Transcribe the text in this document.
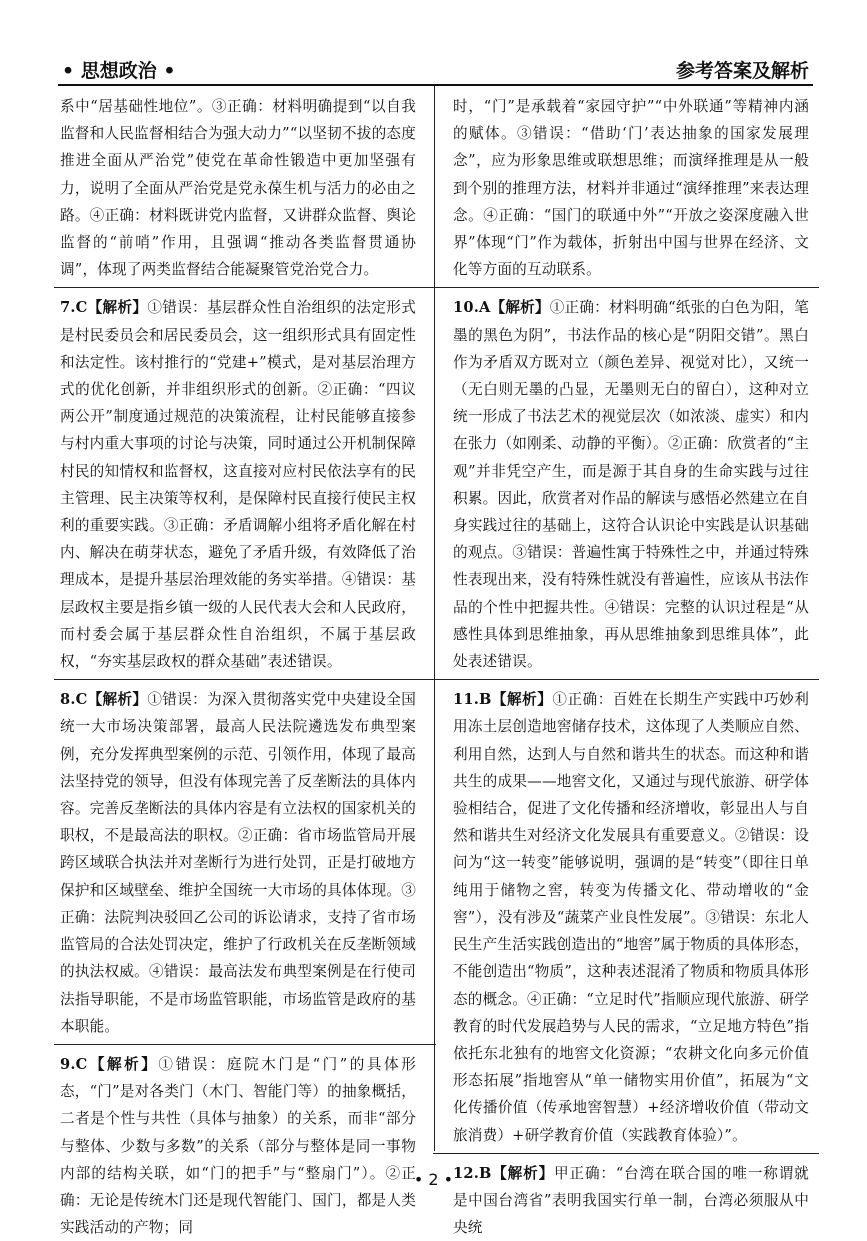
• 思想政治 •	参考答案及解析
系中“居基础性地位”。③正确：材料明确提到“以自我监督和人民监督相结合为强大动力”“以坚韧不拔的态度推进全面从严治党”使党在革命性锻造中更加坚强有力，说明了全面从严治党是党永葆生机与活力的必由之路。④正确：材料既讲党内监督，又讲群众监督、舆论监督的“前哨”作用，且强调“推动各类监督贯通协调”，体现了两类监督结合能凝聚管党治党合力。
7.C【解析】①错误：基层群众性自治组织的法定形式是村民委员会和居民委员会，这一组织形式具有固定性和法定性。该村推行的“党建+”模式，是对基层治理方式的优化创新，并非组织形式的创新。②正确：“四议两公开”制度通过规范的决策流程，让村民能够直接参与村内重大事项的讨论与决策，同时通过公开机制保障村民的知情权和监督权，这直接对应村民依法享有的民主管理、民主决策等权利，是保障村民直接行使民主权利的重要实践。③正确：矛盾调解小组将矛盾化解在村内、解决在萌芽状态，避免了矛盾升级，有效降低了治理成本，是提升基层治理效能的务实举措。④错误：基层政权主要是指乡镇一级的人民代表大会和人民政府，而村委会属于基层群众性自治组织，不属于基层政权，“夯实基层政权的群众基础”表述错误。
8.C【解析】①错误：为深入贯彻落实党中央建设全国统一大市场决策部署，最高人民法院遴选发布典型案例，充分发挥典型案例的示范、引领作用，体现了最高法坚持党的领导，但没有体现完善了反垄断法的具体内容。完善反垄断法的具体内容是有立法权的国家机关的职权，不是最高法的职权。②正确：省市场监管局开展跨区域联合执法并对垄断行为进行处罚，正是打破地方保护和区域壁垒、维护全国统一大市场的具体体现。③正确：法院判决驳回乙公司的诉讼请求，支持了省市场监管局的合法处罚决定，维护了行政机关在反垄断领域的执法权威。④错误：最高法发布典型案例是在行使司法指导职能，不是市场监管职能，市场监管是政府的基本职能。
9.C【解析】①错误：庭院木门是“门”的具体形态，“门”是对各类门（木门、智能门等）的抽象概括，二者是个性与共性（具体与抽象）的关系，而非“部分与整体、少数与多数”的关系（部分与整体是同一事物内部的结构关联，如“门的把手”与“整扇门”）。②正确：无论是传统木门还是现代智能门、国门，都是人类实践活动的产物；同
时，“门”是承载着“家园守护”“中外联通”等精神内涵的赋体。③错误：“借助‘门’表达抽象的国家发展理念”，应为形象思维或联想思维；而演绎推理是从一般到个别的推理方法，材料并非通过“演绎推理”来表达理念。④正确：“国门的联通中外”“开放之姿深度融入世界”体现“门”作为载体，折射出中国与世界在经济、文化等方面的互动联系。
10.A【解析】①正确：材料明确“纸张的白色为阳，笔墨的黑色为阴”，书法作品的核心是“阴阳交错”。黑白作为矛盾双方既对立（颜色差异、视觉对比），又统一（无白则无墨的凸显，无墨则无白的留白），这种对立统一形成了书法艺术的视觉层次（如浓淡、虚实）和内在张力（如刚柔、动静的平衡）。②正确：欣赏者的“主观”并非凭空产生，而是源于其自身的生命实践与过往积累。因此，欣赏者对作品的解读与感悟必然建立在自身实践过往的基础上，这符合认识论中实践是认识基础的观点。③错误：普遍性寓于特殊性之中，并通过特殊性表现出来，没有特殊性就没有普遍性，应该从书法作品的个性中把握共性。④错误：完整的认识过程是“从感性具体到思维抽象，再从思维抽象到思维具体”，此处表述错误。
11.B【解析】①正确：百姓在长期生产实践中巧妙利用冻土层创造地窖储存技术，这体现了人类顺应自然、利用自然，达到人与自然和谐共生的状态。而这种和谐共生的成果——地窖文化，又通过与现代旅游、研学体验相结合，促进了文化传播和经济增收，彰显出人与自然和谐共生对经济文化发展具有重要意义。②错误：设问为“这一转变”能够说明，强调的是“转变”（即往日单纯用于储物之窖，转变为传播文化、带动增收的“金窖”），没有涉及“蔬菜产业良性发展”。③错误：东北人民生产生活实践创造出的“地窖”属于物质的具体形态，不能创造出“物质”，这种表述混淆了物质和物质具体形态的概念。④正确：“立足时代”指顺应现代旅游、研学教育的时代发展趋势与人民的需求，“立足地方特色”指依托东北独有的地窖文化资源；“农耕文化向多元价值形态拓展”指地窖从“单一储物实用价值”，拓展为“文化传播价值（传承地窖智慧）+经济增收价值（带动文旅消费）+研学教育价值（实践教育体验）”。
12.B【解析】甲正确：“台湾在联合国的唯一称谓就是中国台湾省”表明我国实行单一制，台湾必须服从中央统
• 2 •
